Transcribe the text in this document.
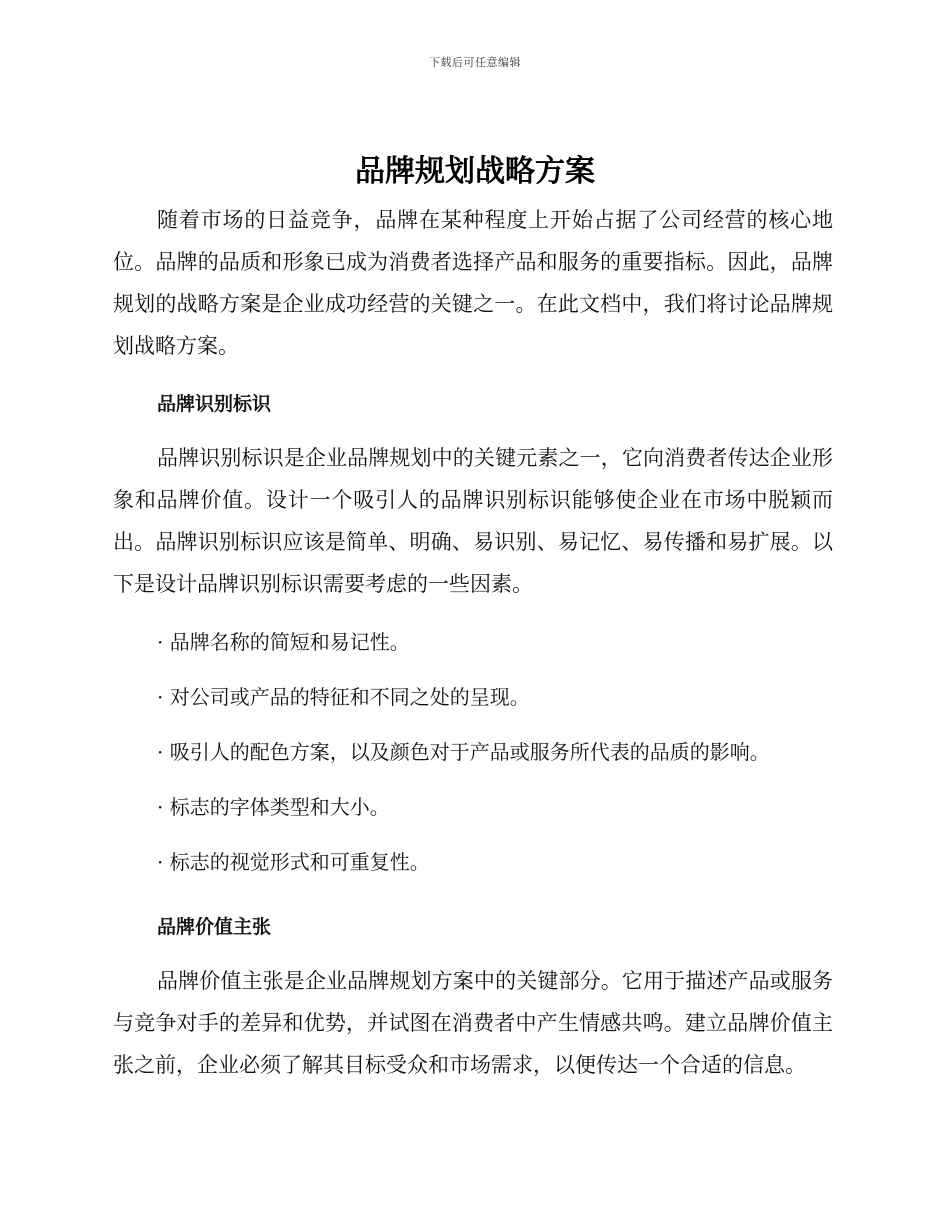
下载后可任意编辑
品牌规划战略方案

随着市场的日益竞争，品牌在某种程度上开始占据了公司经营的核心地位。品牌的品质和形象已成为消费者选择产品和服务的重要指标。因此，品牌规划的战略方案是企业成功经营的关键之一。在此文档中，我们将讨论品牌规划战略方案。

品牌识别标识

品牌识别标识是企业品牌规划中的关键元素之一，它向消费者传达企业形象和品牌价值。设计一个吸引人的品牌识别标识能够使企业在市场中脱颖而出。品牌识别标识应该是简单、明确、易识别、易记忆、易传播和易扩展。以下是设计品牌识别标识需要考虑的一些因素。

· 品牌名称的简短和易记性。
· 对公司或产品的特征和不同之处的呈现。
· 吸引人的配色方案，以及颜色对于产品或服务所代表的品质的影响。
· 标志的字体类型和大小。
· 标志的视觉形式和可重复性。
品牌价值主张

品牌价值主张是企业品牌规划方案中的关键部分。它用于描述产品或服务与竞争对手的差异和优势，并试图在消费者中产生情感共鸣。建立品牌价值主张之前，企业必须了解其目标受众和市场需求，以便传达一个合适的信息。
